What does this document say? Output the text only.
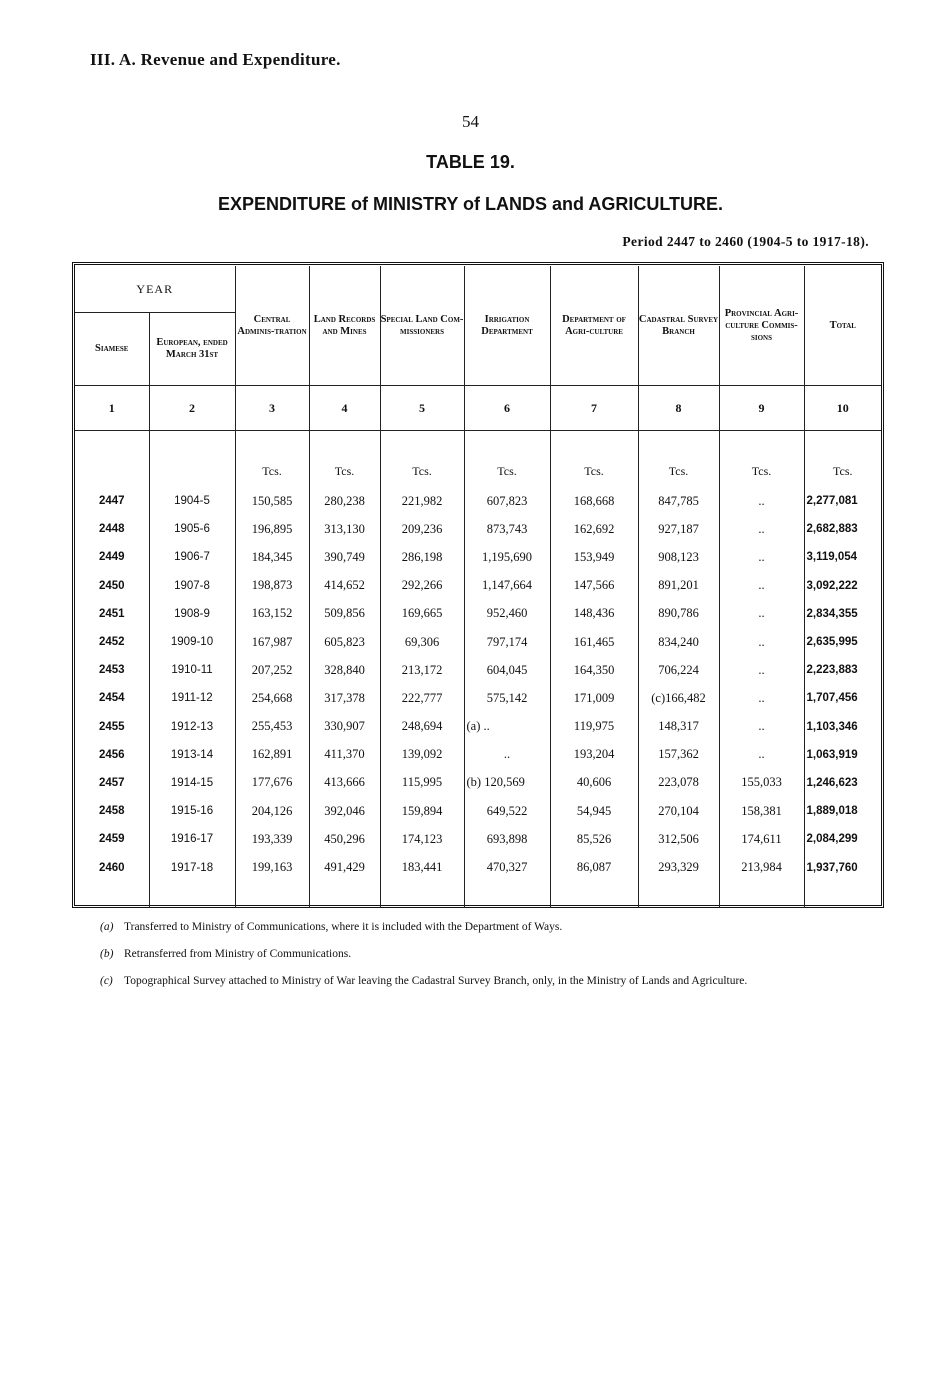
III. A. Revenue and Expenditure.
54
TABLE 19.
EXPENDITURE of MINISTRY of LANDS and AGRICULTURE.
Period 2447 to 2460 (1904-5 to 1917-18).
YEAR		Central Adminis-tration	Land Records and Mines	Special Land Com-missioners	Irrigation Department	Department of Agri-culture	Cadastral Survey Branch	Provincial Agri-culture Commis-sions	Total
Siamese	European, ended March 31st								
1	2	3	4	5	6	7	8	9	10
		Tcs.	Tcs.	Tcs.	Tcs.	Tcs.	Tcs.	Tcs.	Tcs.
2447	1904-5	150,585	280,238	221,982	607,823	168,668	847,785	..	2,277,081
2448	1905-6	196,895	313,130	209,236	873,743	162,692	927,187	..	2,682,883
2449	1906-7	184,345	390,749	286,198	1,195,690	153,949	908,123	..	3,119,054
2450	1907-8	198,873	414,652	292,266	1,147,664	147,566	891,201	..	3,092,222
2451	1908-9	163,152	509,856	169,665	952,460	148,436	890,786	..	2,834,355
2452	1909-10	167,987	605,823	69,306	797,174	161,465	834,240	..	2,635,995
2453	1910-11	207,252	328,840	213,172	604,045	164,350	706,224	..	2,223,883
2454	1911-12	254,668	317,378	222,777	575,142	171,009	(c)166,482	..	1,707,456
2455	1912-13	255,453	330,907	248,694	(a) ..	119,975	148,317	..	1,103,346
2456	1913-14	162,891	411,370	139,092	..	193,204	157,362	..	1,063,919
2457	1914-15	177,676	413,666	115,995	(b) 120,569	40,606	223,078	155,033	1,246,623
2458	1915-16	204,126	392,046	159,894	649,522	54,945	270,104	158,381	1,889,018
2459	1916-17	193,339	450,296	174,123	693,898	85,526	312,506	174,611	2,084,299
2460	1917-18	199,163	491,429	183,441	470,327	86,087	293,329	213,984	1,937,760

(a) Transferred to Ministry of Communications, where it is included with the Department of Ways.
(b) Retransferred from Ministry of Communications.
(c) Topographical Survey attached to Ministry of War leaving the Cadastral Survey Branch, only, in the Ministry of Lands and Agriculture.
